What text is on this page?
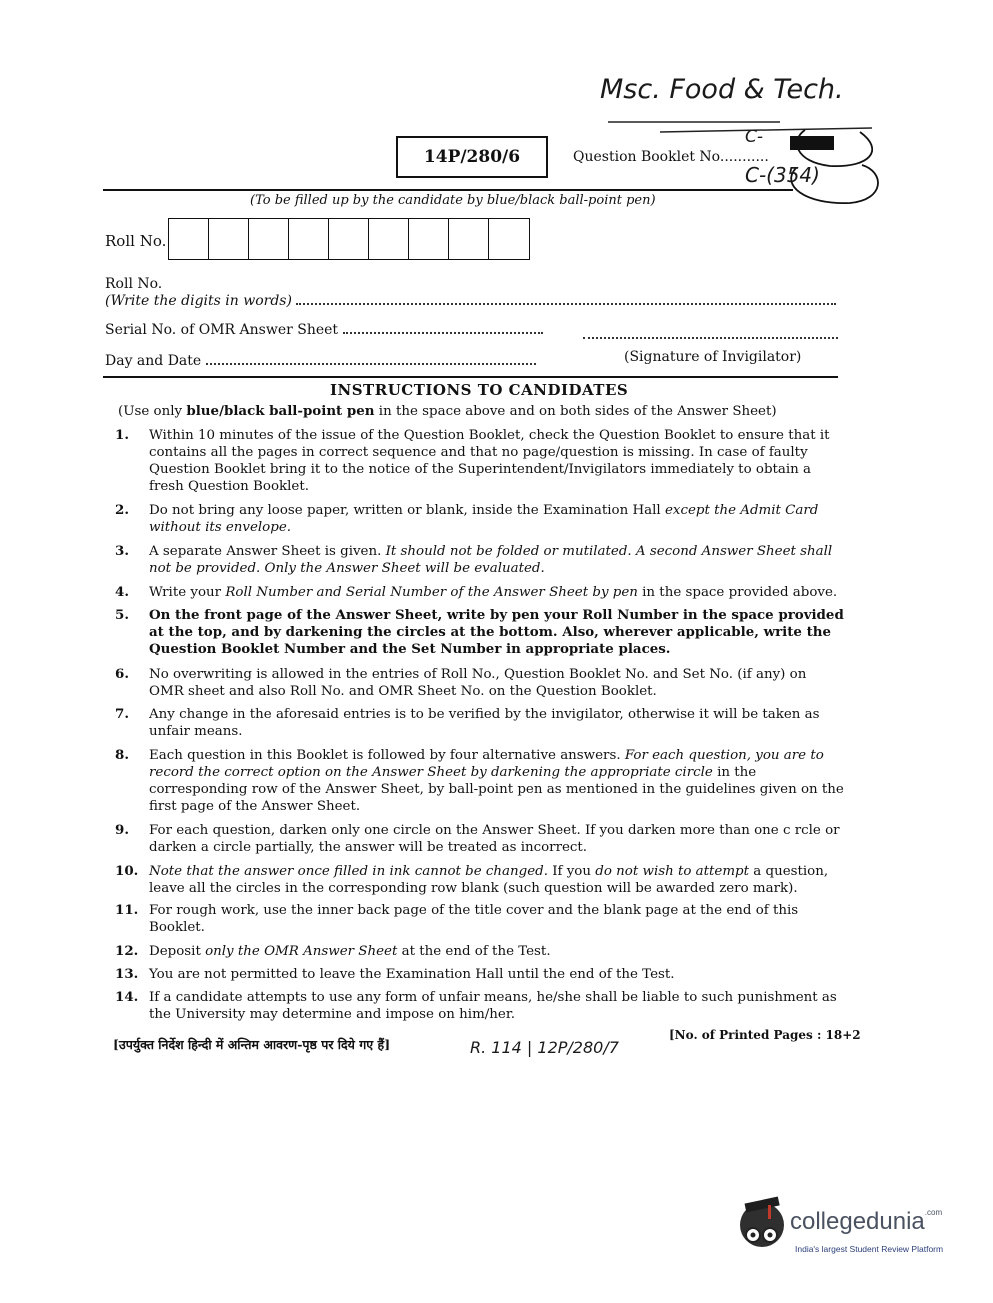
Msc. Food & Tech.
14P/280/6	Question Booklet No...........
C-
C-(354)
(To be filled up by the candidate by blue/black ball-point pen)
Roll No.
Roll No.
(Write the digits in words)
Serial No. of OMR Answer Sheet
Day and Date	(Signature of Invigilator)
INSTRUCTIONS TO CANDIDATES
(Use only blue/black ball-point pen in the space above and on both sides of the Answer Sheet)
1.	Within 10 minutes of the issue of the Question Booklet, check the Question Booklet to ensure that it contains all the pages in correct sequence and that no page/question is missing. In case of faulty Question Booklet bring it to the notice of the Superintendent/Invigilators immediately to obtain a fresh Question Booklet.
2.	Do not bring any loose paper, written or blank, inside the Examination Hall except the Admit Card without its envelope.
3.	A separate Answer Sheet is given. It should not be folded or mutilated. A second Answer Sheet shall not be provided. Only the Answer Sheet will be evaluated.
4.	Write your Roll Number and Serial Number of the Answer Sheet by pen in the space provided above.
5.	On the front page of the Answer Sheet, write by pen your Roll Number in the space provided at the top, and by darkening the circles at the bottom. Also, wherever applicable, write the Question Booklet Number and the Set Number in appropriate places.
6.	No overwriting is allowed in the entries of Roll No., Question Booklet No. and Set No. (if any) on OMR sheet and also Roll No. and OMR Sheet No. on the Question Booklet.
7.	Any change in the aforesaid entries is to be verified by the invigilator, otherwise it will be taken as unfair means.
8.	Each question in this Booklet is followed by four alternative answers. For each question, you are to record the correct option on the Answer Sheet by darkening the appropriate circle in the corresponding row of the Answer Sheet, by ball-point pen as mentioned in the guidelines given on the first page of the Answer Sheet.
9.	For each question, darken only one circle on the Answer Sheet. If you darken more than one c rcle or darken a circle partially, the answer will be treated as incorrect.
10. Note that the answer once filled in ink cannot be changed. If you do not wish to attempt a question, leave all the circles in the corresponding row blank (such question will be awarded zero mark).
11. For rough work, use the inner back page of the title cover and the blank page at the end of this Booklet.
12. Deposit only the OMR Answer Sheet at the end of the Test.
13. You are not permitted to leave the Examination Hall until the end of the Test.
14. If a candidate attempts to use any form of unfair means, he/she shall be liable to such punishment as the University may determine and impose on him/her.
[उपर्युक्त निर्देश हिन्दी में अन्तिम आवरण-पृष्ठ पर दिये गए हैं]	R. 114 | 12P/280/7
[No. of Printed Pages : 18+2
collegedunia$^{.com}$
India's largest Student Review Platform
